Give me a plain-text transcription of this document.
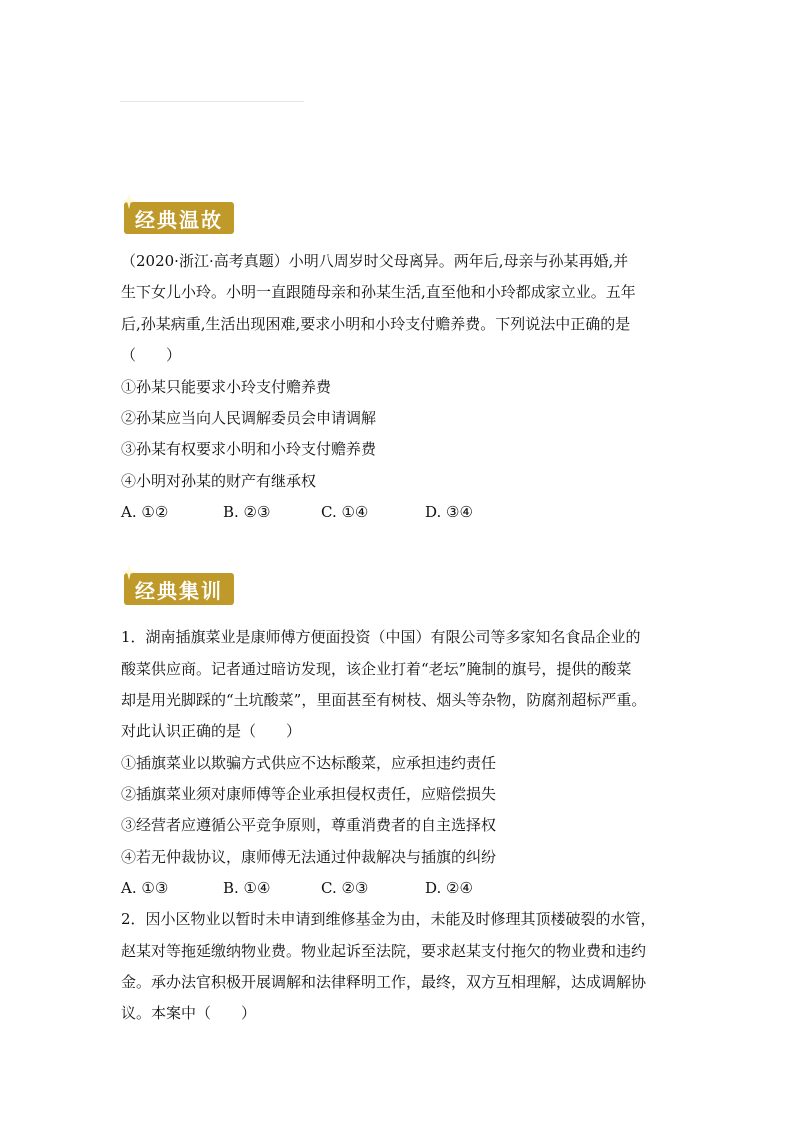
经典温故
（2020·浙江·高考真题）小明八周岁时父母离异。两年后,母亲与孙某再婚,并
生下女儿小玲。小明一直跟随母亲和孙某生活,直至他和小玲都成家立业。五年
后,孙某病重,生活出现困难,要求小明和小玲支付赡养费。下列说法中正确的是
（　　）
①孙某只能要求小玲支付赡养费
②孙某应当向人民调解委员会申请调解
③孙某有权要求小明和小玲支付赡养费
④小明对孙某的财产有继承权
A. ①②	B. ②③	C. ①④	D. ③④
经典集训
1．湖南插旗菜业是康师傅方便面投资（中国）有限公司等多家知名食品企业的
酸菜供应商。记者通过暗访发现，该企业打着“老坛”腌制的旗号，提供的酸菜
却是用光脚踩的“土坑酸菜”，里面甚至有树枝、烟头等杂物，防腐剂超标严重。
对此认识正确的是（　　）
①插旗菜业以欺骗方式供应不达标酸菜，应承担违约责任
②插旗菜业须对康师傅等企业承担侵权责任，应赔偿损失
③经营者应遵循公平竞争原则，尊重消费者的自主选择权
④若无仲裁协议，康师傅无法通过仲裁解决与插旗的纠纷
A. ①③	B. ①④	C. ②③	D. ②④
2．因小区物业以暂时未申请到维修基金为由，未能及时修理其顶楼破裂的水管，
赵某对等拖延缴纳物业费。物业起诉至法院，要求赵某支付拖欠的物业费和违约
金。承办法官积极开展调解和法律释明工作，最终，双方互相理解，达成调解协
议。本案中（　　）
